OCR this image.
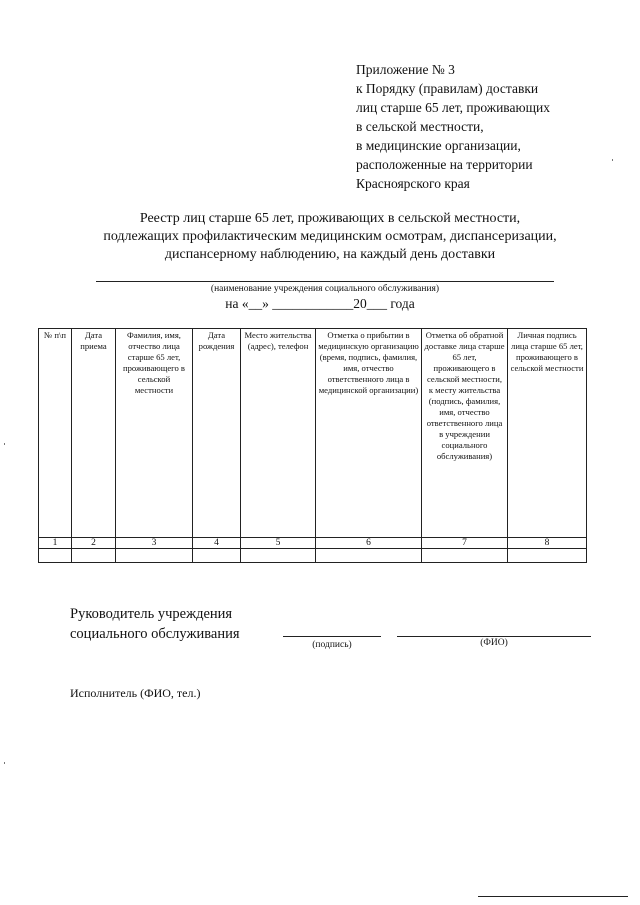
Приложение № 3
к Порядку (правилам) доставки
лиц старше 65 лет, проживающих
в сельской местности,
в медицинские организации,
расположенные на территории
Красноярского края
Реестр лиц старше 65 лет, проживающих в сельской местности,
подлежащих профилактическим медицинским осмотрам, диспансеризации,
диспансерному наблюдению, на каждый день доставки
(наименование учреждения социального обслуживания)
на «__» ____________20___ года
№ п\п	Дата приема	Фамилия, имя, отчество лица старше 65 лет, проживающего в сельской местности	Дата рождения	Место жительства (адрес), телефон	Отметка о прибытии в медицинскую организацию (время, подпись, фамилия, имя, отчество ответственного лица в медицинской организации)	Отметка об обратной доставке лица старше 65 лет, проживающего в сельской местности, к месту жительства (подпись, фамилия, имя, отчество ответственного лица в учреждении социального обслуживания)	Личная подпись лица старше 65 лет, проживающего в сельской местности
1	2	3	4	5	6	7	8

Руководитель учреждения
социального обслуживания
(подпись)	(ФИО)
Исполнитель (ФИО, тел.)
